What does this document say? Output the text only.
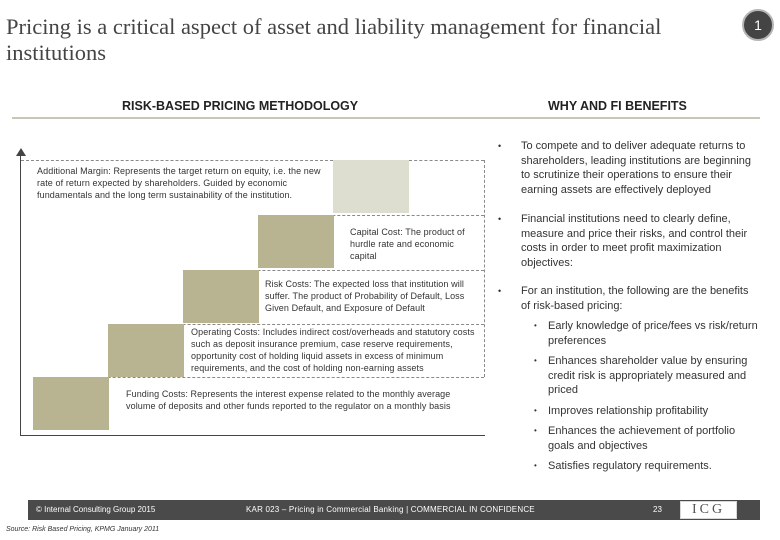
Pricing is a critical aspect of asset and liability management for financial institutions
1
RISK-BASED PRICING METHODOLOGY	WHY AND FI BENEFITS
Additional Margin: Represents the target return on equity, i.e. the new rate of return expected by shareholders. Guided by economic fundamentals and the long term sustainability of the institution.
Capital Cost: The product of hurdle rate and economic capital
Risk Costs: The expected loss that institution will suffer. The product of Probability of Default, Loss Given Default, and Exposure of Default
Operating Costs: Includes indirect cost/overheads and statutory costs such as deposit insurance premium, case reserve requirements, opportunity cost of holding liquid assets in excess of minimum requirements, and the cost of holding non-earning assets
Funding Costs: Represents the interest expense related to the monthly average volume of deposits and other funds reported to the regulator on a monthly basis
• To compete and to deliver adequate returns to shareholders, leading institutions are beginning to scrutinize their operations to ensure their earning assets are effectively deployed
• Financial institutions need to clearly define, measure and price their risks, and control their costs in order to meet profit maximization objectives:
• For an institution, the following are the benefits of risk-based pricing:
• Early knowledge of price/fees vs risk/return preferences
• Enhances shareholder value by ensuring credit risk is appropriately measured and priced
• Improves relationship profitability
• Enhances the achievement of portfolio goals and objectives
• Satisfies regulatory requirements.
© Internal Consulting Group 2015	KAR 023 – Pricing in Commercial Banking | COMMERCIAL IN CONFIDENCE	23	ICG
Source: Risk Based Pricing, KPMG January 2011
